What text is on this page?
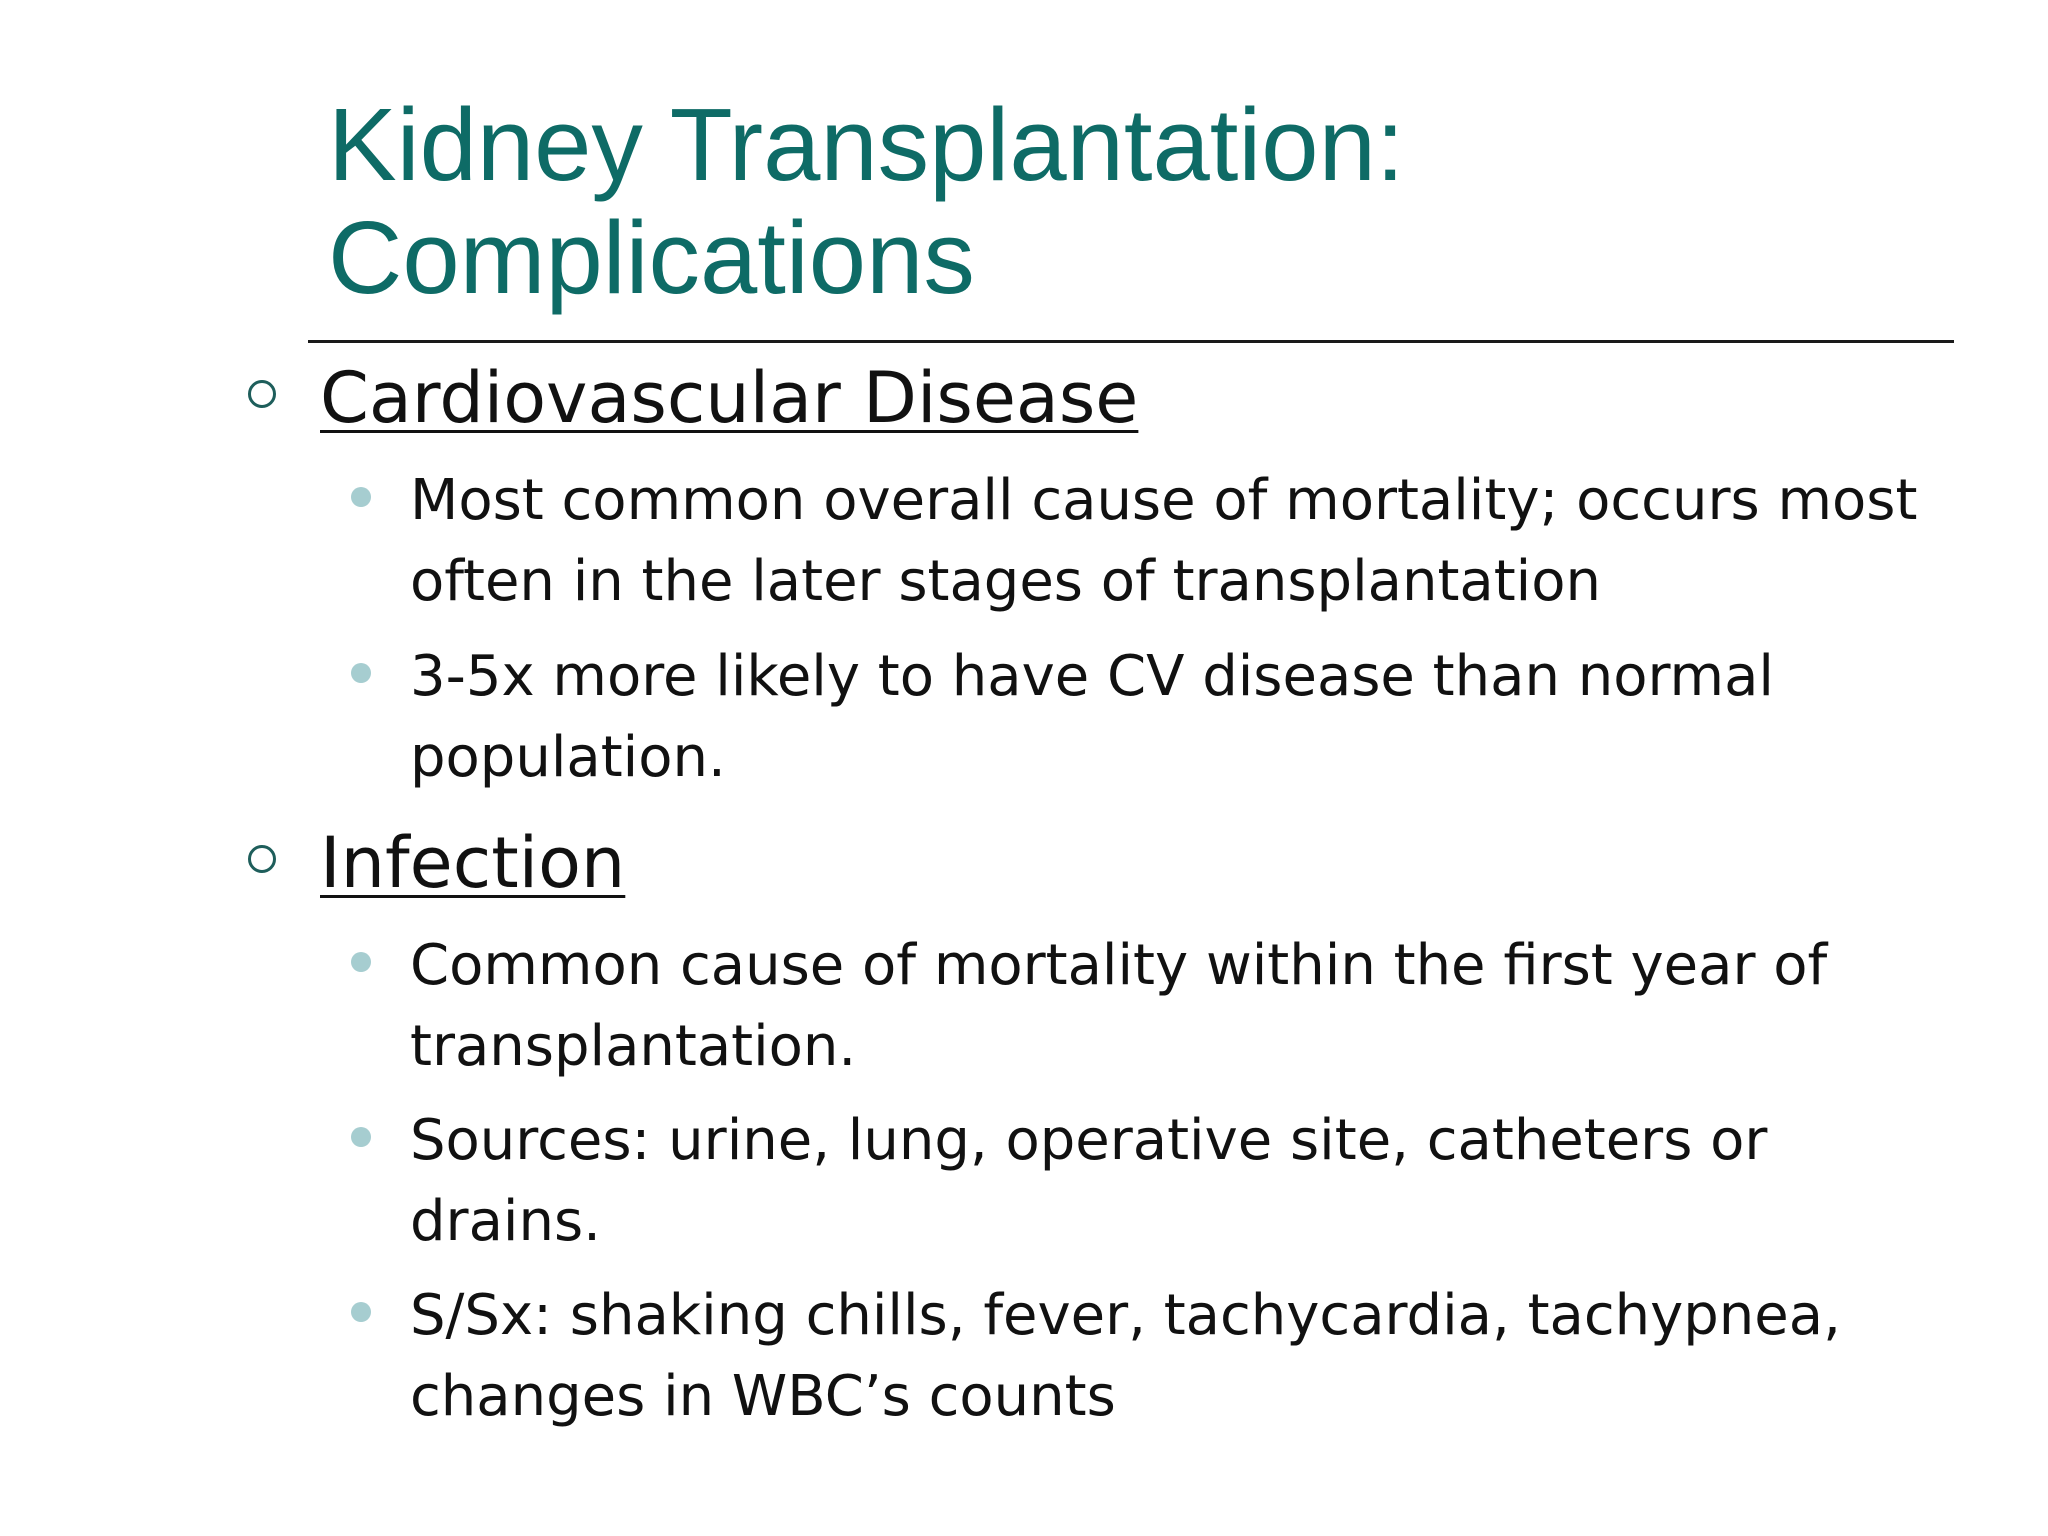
Kidney Transplantation:
Complications
Cardiovascular Disease

Most common overall cause of mortality; occurs most
often in the later stages of transplantation

3-5x more likely to have CV disease than normal
population.

Infection

Common cause of mortality within the first year of
transplantation.

Sources: urine, lung, operative site, catheters or
drains.

S/Sx: shaking chills, fever, tachycardia, tachypnea,
changes in WBC’s counts
